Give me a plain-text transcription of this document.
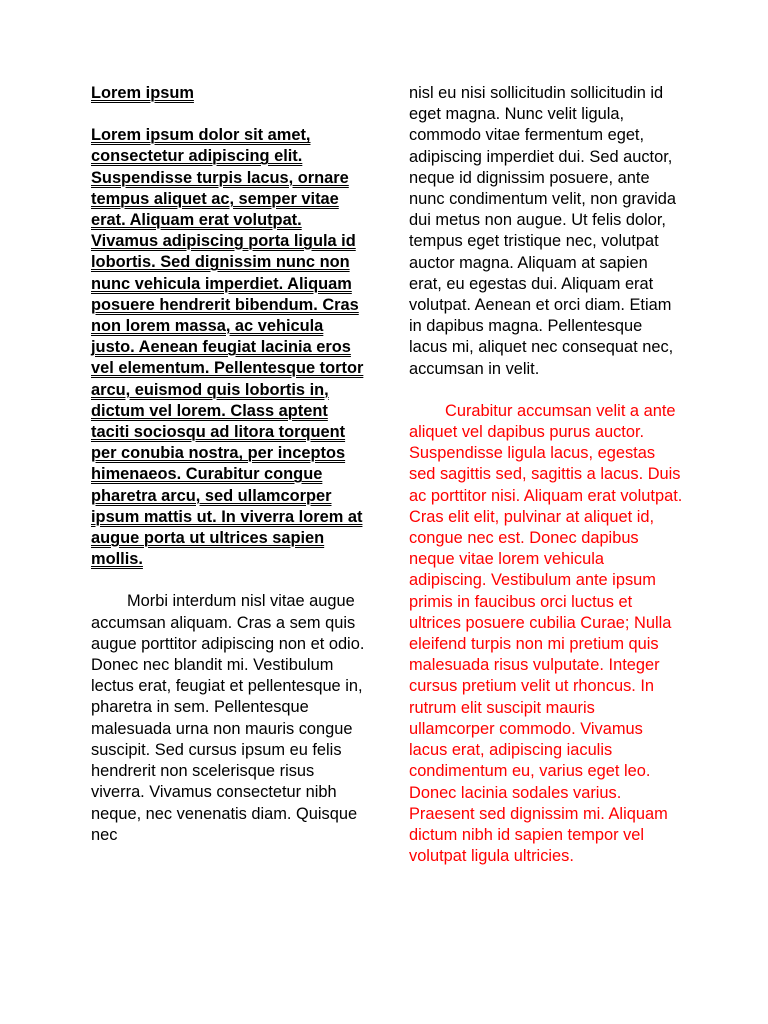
Lorem ipsum

Lorem ipsum dolor sit amet, consectetur adipiscing elit. Suspendisse turpis lacus, ornare tempus aliquet ac, semper vitae erat. Aliquam erat volutpat. Vivamus adipiscing porta ligula id lobortis. Sed dignissim nunc non nunc vehicula imperdiet. Aliquam posuere hendrerit bibendum. Cras non lorem massa, ac vehicula justo. Aenean feugiat lacinia eros vel elementum. Pellentesque tortor arcu, euismod quis lobortis in, dictum vel lorem. Class aptent taciti sociosqu ad litora torquent per conubia nostra, per inceptos himenaeos. Curabitur congue pharetra arcu, sed ullamcorper ipsum mattis ut. In viverra lorem at augue porta ut ultrices sapien mollis.

Morbi interdum nisl vitae augue accumsan aliquam. Cras a sem quis augue porttitor adipiscing non et odio. Donec nec blandit mi. Vestibulum lectus erat, feugiat et pellentesque in, pharetra in sem. Pellentesque malesuada urna non mauris congue suscipit. Sed cursus ipsum eu felis hendrerit non scelerisque risus viverra. Vivamus consectetur nibh neque, nec venenatis diam. Quisque nec

nisl eu nisi sollicitudin sollicitudin id eget magna. Nunc velit ligula, commodo vitae fermentum eget, adipiscing imperdiet dui. Sed auctor, neque id dignissim posuere, ante nunc condimentum velit, non gravida dui metus non augue. Ut felis dolor, tempus eget tristique nec, volutpat auctor magna. Aliquam at sapien erat, eu egestas dui. Aliquam erat volutpat. Aenean et orci diam. Etiam in dapibus magna. Pellentesque lacus mi, aliquet nec consequat nec, accumsan in velit.

Curabitur accumsan velit a ante aliquet vel dapibus purus auctor. Suspendisse ligula lacus, egestas sed sagittis sed, sagittis a lacus. Duis ac porttitor nisi. Aliquam erat volutpat. Cras elit elit, pulvinar at aliquet id, congue nec est. Donec dapibus neque vitae lorem vehicula adipiscing. Vestibulum ante ipsum primis in faucibus orci luctus et ultrices posuere cubilia Curae; Nulla eleifend turpis non mi pretium quis malesuada risus vulputate. Integer cursus pretium velit ut rhoncus. In rutrum elit suscipit mauris ullamcorper commodo. Vivamus lacus erat, adipiscing iaculis condimentum eu, varius eget leo. Donec lacinia sodales varius. Praesent sed dignissim mi. Aliquam dictum nibh id sapien tempor vel volutpat ligula ultricies.
